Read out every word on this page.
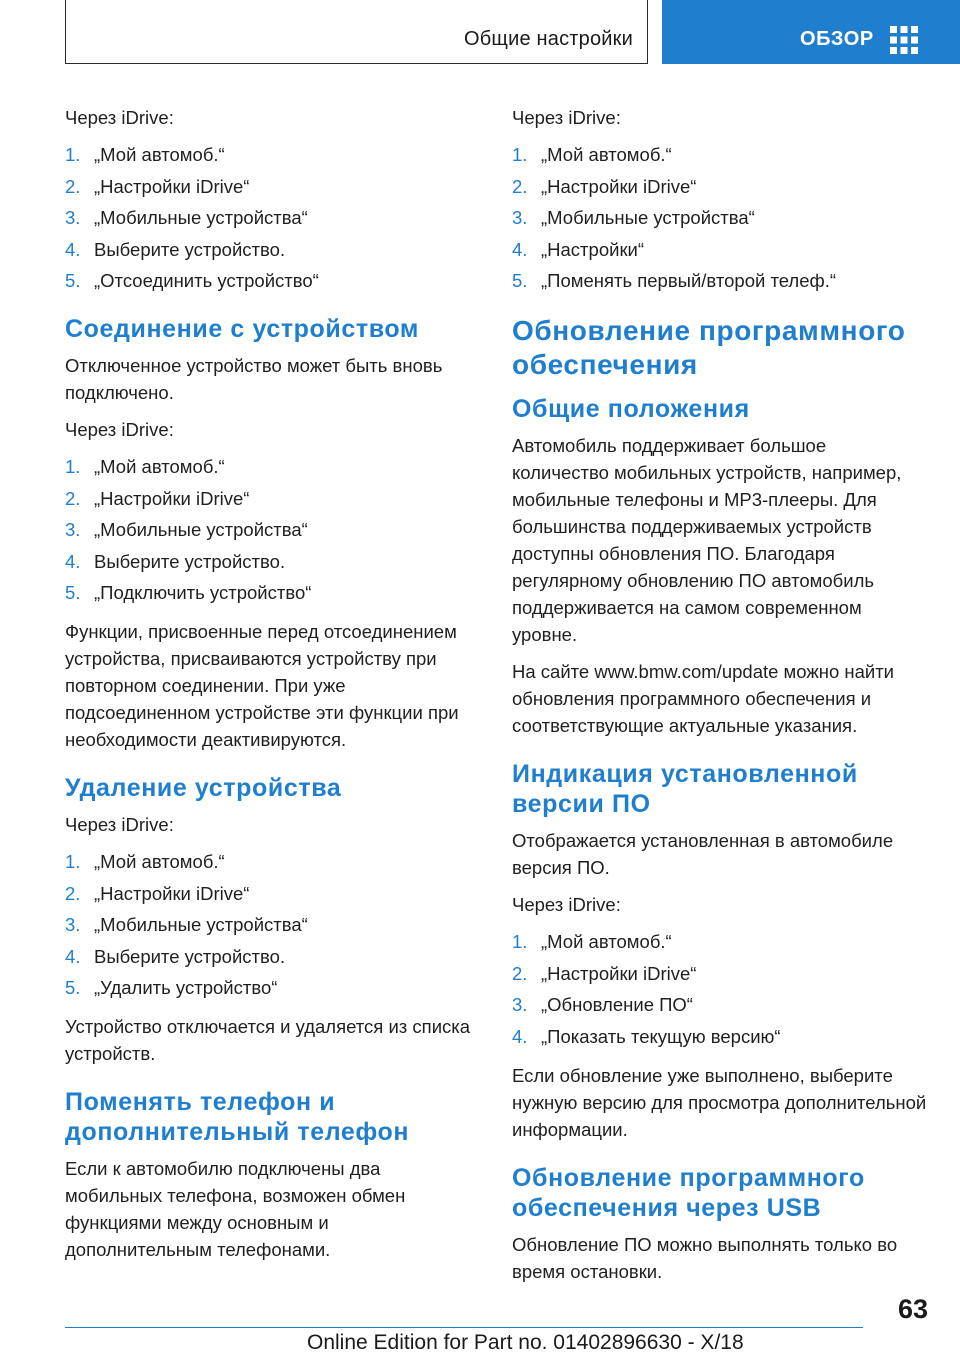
Общие настройки	ОБЗОР

Через iDrive:

1. „Мой автомоб.“
2. „Настройки iDrive“
3. „Мобильные устройства“
4. Выберите устройство.
5. „Отсоединить устройство“
Соединение с устройством

Отключенное устройство может быть вновь подключено.

Через iDrive:

1. „Мой автомоб.“
2. „Настройки iDrive“
3. „Мобильные устройства“
4. Выберите устройство.
5. „Подключить устройство“

Функции, присвоенные перед отсоединением устройства, присваиваются устройству при повторном соединении. При уже подсоединенном устройстве эти функции при необходимости деактивируются.

Удаление устройства

Через iDrive:

1. „Мой автомоб.“
2. „Настройки iDrive“
3. „Мобильные устройства“
4. Выберите устройство.
5. „Удалить устройство“

Устройство отключается и удаляется из списка устройств.

Поменять телефон и дополнительный телефон

Если к автомобилю подключены два мобильных телефона, возможен обмен функциями между основным и дополнительным телефонами.

Через iDrive:

1. „Мой автомоб.“
2. „Настройки iDrive“
3. „Мобильные устройства“
4. „Настройки“
5. „Поменять первый/второй телеф.“
Обновление программного обеспечения
Общие положения

Автомобиль поддерживает большое количество мобильных устройств, например, мобильные телефоны и MP3-плееры. Для большинства поддерживаемых устройств доступны обновления ПО. Благодаря регулярному обновлению ПО автомобиль поддерживается на самом современном уровне.

На сайте www.bmw.com/update можно найти обновления программного обеспечения и соответствующие актуальные указания.

Индикация установленной версии ПО

Отображается установленная в автомобиле версия ПО.

Через iDrive:

1. „Мой автомоб.“
2. „Настройки iDrive“
3. „Обновление ПО“
4. „Показать текущую версию“

Если обновление уже выполнено, выберите нужную версию для просмотра дополнительной информации.

Обновление программного обеспечения через USB

Обновление ПО можно выполнять только во время остановки.

63
Online Edition for Part no. 01402896630 - X/18
